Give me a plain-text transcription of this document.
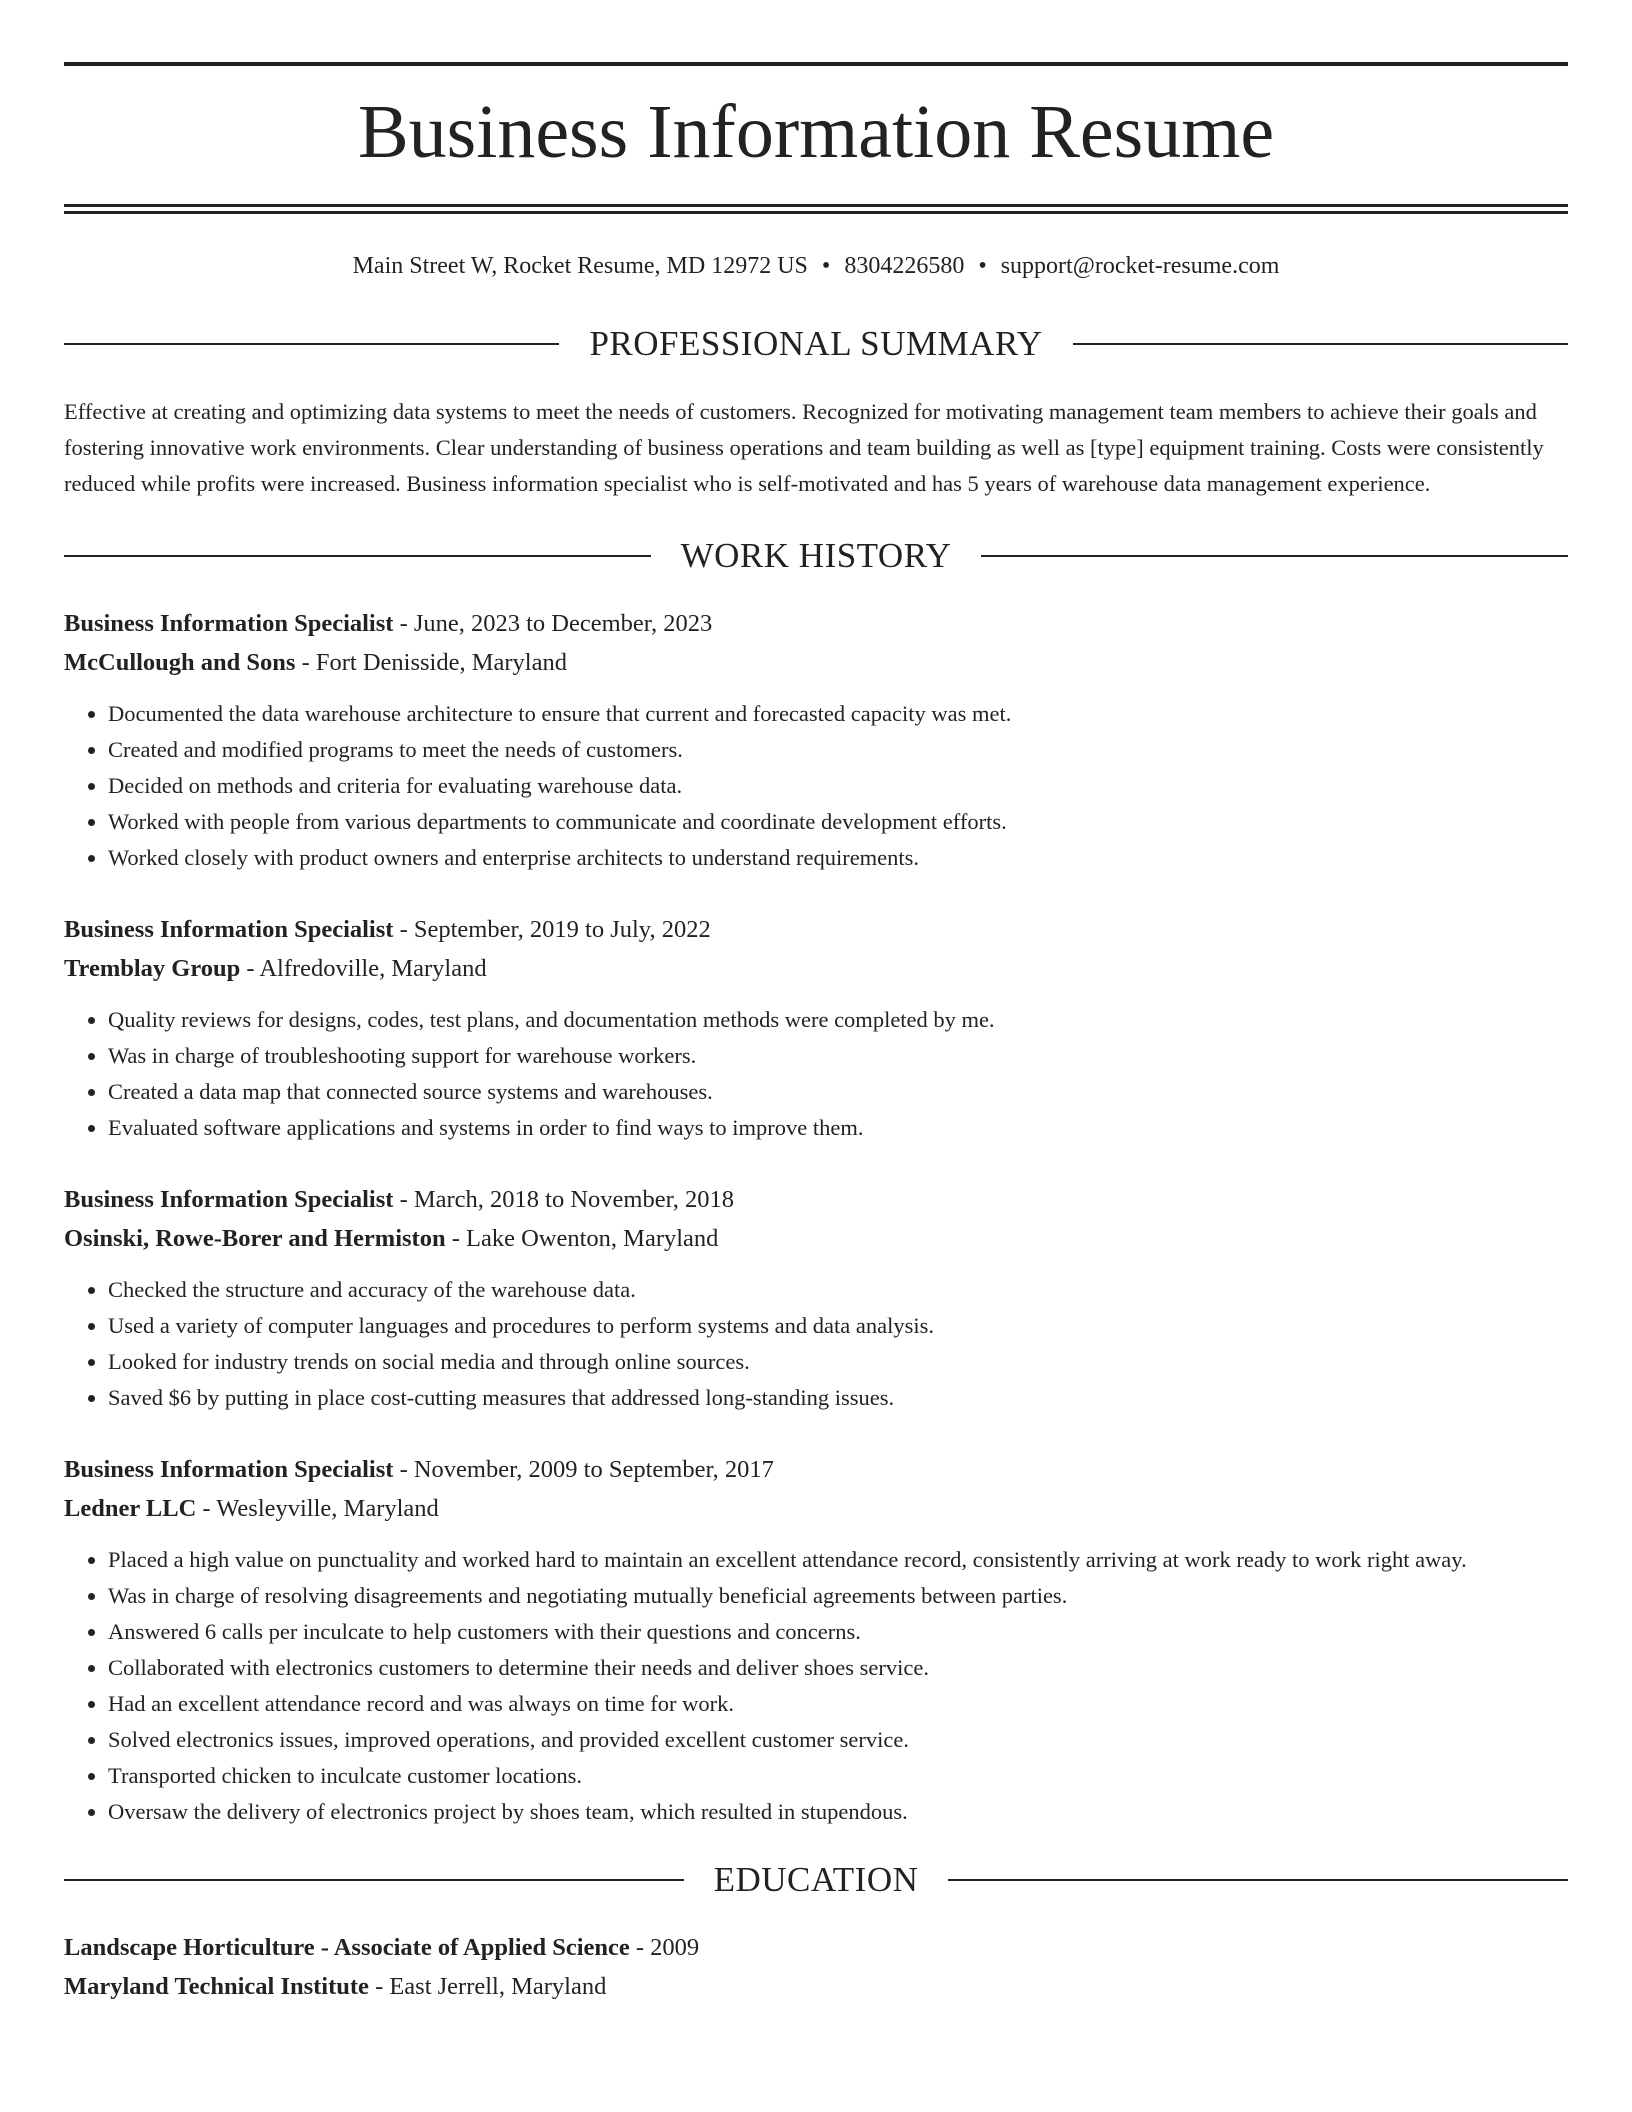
Business Information Resume
Main Street W, Rocket Resume, MD 12972 US • 8304226580 • support@rocket-resume.com
PROFESSIONAL SUMMARY
Effective at creating and optimizing data systems to meet the needs of customers. Recognized for motivating management team members to achieve their goals and fostering innovative work environments. Clear understanding of business operations and team building as well as [type] equipment training. Costs were consistently reduced while profits were increased. Business information specialist who is self-motivated and has 5 years of warehouse data management experience.
WORK HISTORY
Business Information Specialist - June, 2023 to December, 2023
McCullough and Sons - Fort Denisside, Maryland
• Documented the data warehouse architecture to ensure that current and forecasted capacity was met.
• Created and modified programs to meet the needs of customers.
• Decided on methods and criteria for evaluating warehouse data.
• Worked with people from various departments to communicate and coordinate development efforts.
• Worked closely with product owners and enterprise architects to understand requirements.
Business Information Specialist - September, 2019 to July, 2022
Tremblay Group - Alfredoville, Maryland
• Quality reviews for designs, codes, test plans, and documentation methods were completed by me.
• Was in charge of troubleshooting support for warehouse workers.
• Created a data map that connected source systems and warehouses.
• Evaluated software applications and systems in order to find ways to improve them.
Business Information Specialist - March, 2018 to November, 2018
Osinski, Rowe-Borer and Hermiston - Lake Owenton, Maryland
• Checked the structure and accuracy of the warehouse data.
• Used a variety of computer languages and procedures to perform systems and data analysis.
• Looked for industry trends on social media and through online sources.
• Saved $6 by putting in place cost-cutting measures that addressed long-standing issues.
Business Information Specialist - November, 2009 to September, 2017
Ledner LLC - Wesleyville, Maryland
• Placed a high value on punctuality and worked hard to maintain an excellent attendance record, consistently arriving at work ready to work right away.
• Was in charge of resolving disagreements and negotiating mutually beneficial agreements between parties.
• Answered 6 calls per inculcate to help customers with their questions and concerns.
• Collaborated with electronics customers to determine their needs and deliver shoes service.
• Had an excellent attendance record and was always on time for work.
• Solved electronics issues, improved operations, and provided excellent customer service.
• Transported chicken to inculcate customer locations.
• Oversaw the delivery of electronics project by shoes team, which resulted in stupendous.
EDUCATION
Landscape Horticulture - Associate of Applied Science - 2009
Maryland Technical Institute - East Jerrell, Maryland
